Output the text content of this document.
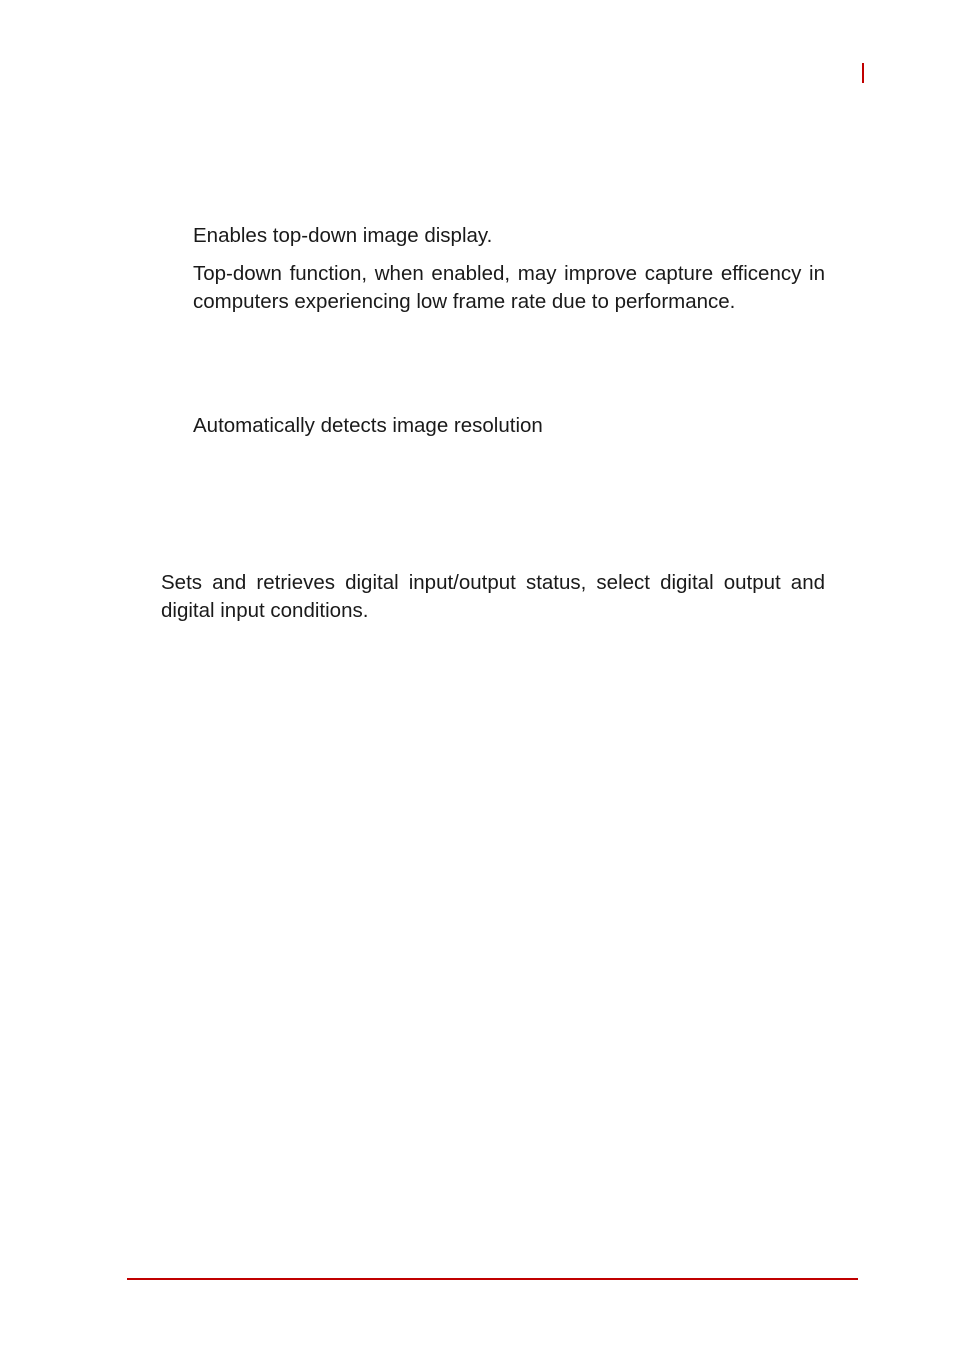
Enables top-down image display.

Top-down function, when enabled, may improve capture efficency in computers experiencing low frame rate due to performance.

Automatically detects image resolution

Sets and retrieves digital input/output status, select digital output and digital input conditions.
